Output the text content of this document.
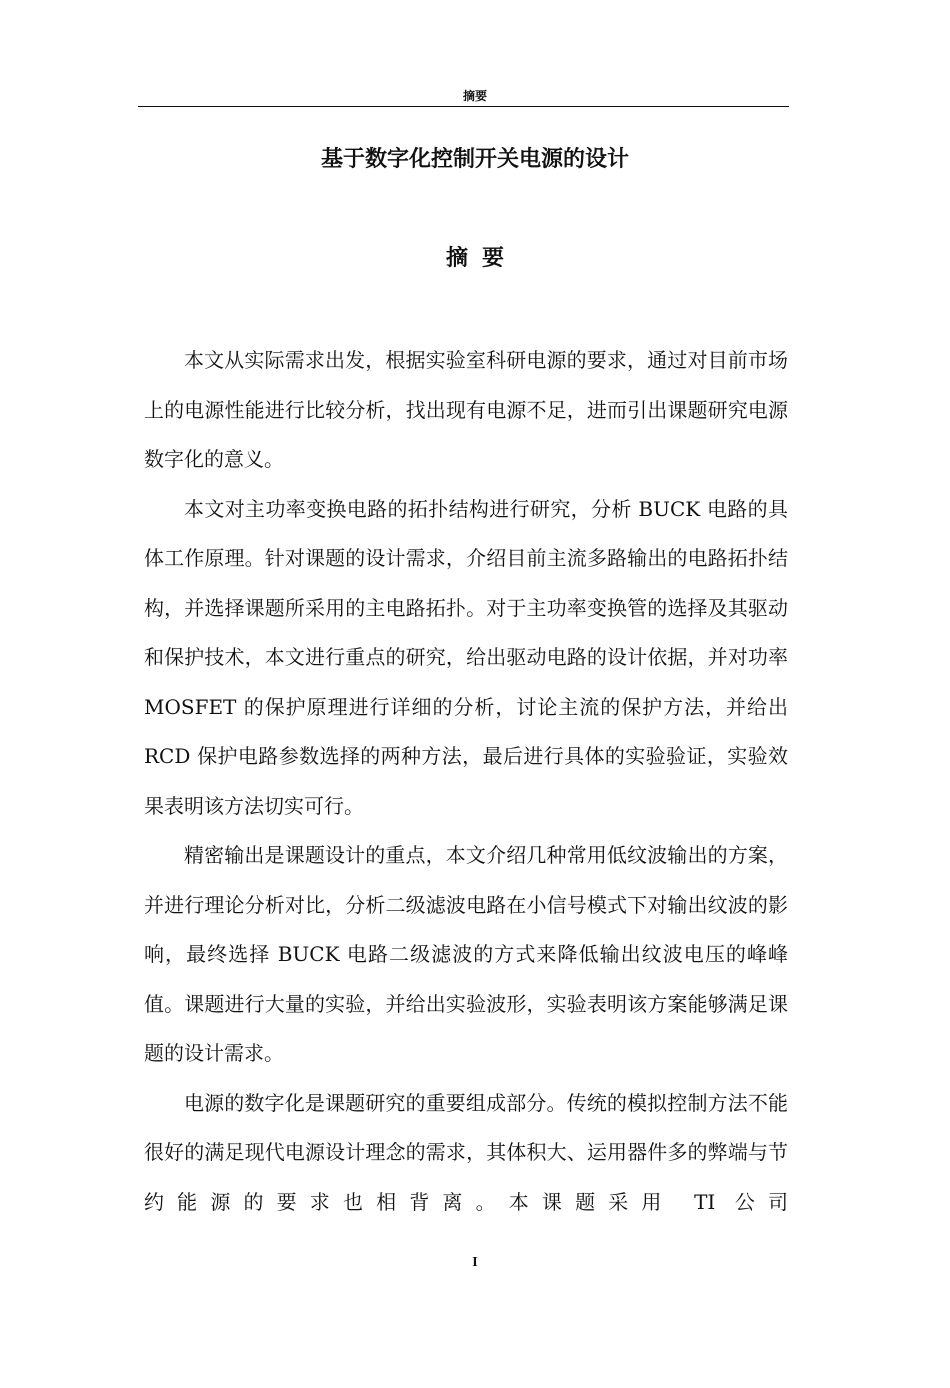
摘要
基于数字化控制开关电源的设计
摘要

本文从实际需求出发，根据实验室科研电源的要求，通过对目前市场上的电源性能进行比较分析，找出现有电源不足，进而引出课题研究电源数字化的意义。

本文对主功率变换电路的拓扑结构进行研究，分析 BUCK 电路的具体工作原理。针对课题的设计需求，介绍目前主流多路输出的电路拓扑结构，并选择课题所采用的主电路拓扑。对于主功率变换管的选择及其驱动和保护技术，本文进行重点的研究，给出驱动电路的设计依据，并对功率 MOSFET 的保护原理进行详细的分析，讨论主流的保护方法，并给出 RCD 保护电路参数选择的两种方法，最后进行具体的实验验证，实验效果表明该方法切实可行。

精密输出是课题设计的重点，本文介绍几种常用低纹波输出的方案，并进行理论分析对比，分析二级滤波电路在小信号模式下对输出纹波的影响，最终选择 BUCK 电路二级滤波的方式来降低输出纹波电压的峰峰值。课题进行大量的实验，并给出实验波形，实验表明该方案能够满足课题的设计需求。

电源的数字化是课题研究的重要组成部分。传统的模拟控制方法不能很好的满足现代电源设计理念的需求，其体积大、运用器件多的弊端与节约能源的要求也相背离。本课题采用 TI 公司

I
